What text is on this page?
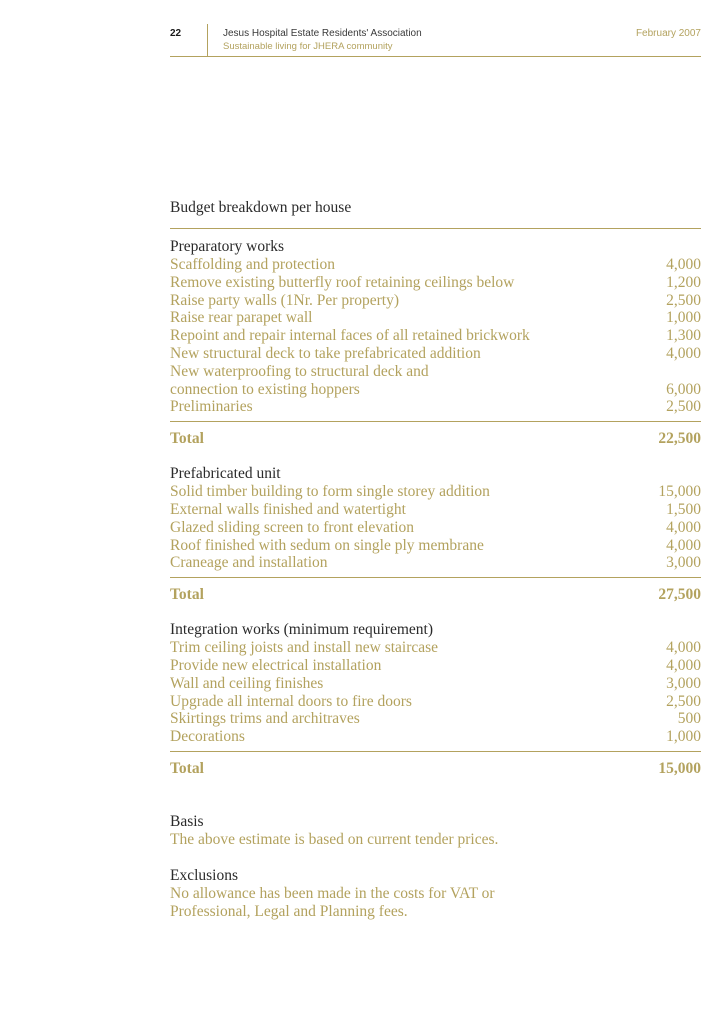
22	Jesus Hospital Estate Residents' Association
Sustainable living for JHERA community
February 2007
Budget breakdown per house
Preparatory works
Scaffolding and protection	4,000
Remove existing butterfly roof retaining ceilings below	1,200
Raise party walls (1Nr. Per property)	2,500
Raise rear parapet wall	1,000
Repoint and repair internal faces of all retained brickwork	1,300
New structural deck to take prefabricated addition	4,000
New waterproofing to structural deck and
connection to existing hoppers	6,000
Preliminaries	2,500
Total	22,500
Prefabricated unit
Solid timber building to form single storey addition	15,000
External walls finished and watertight	1,500
Glazed sliding screen to front elevation	4,000
Roof finished with sedum on single ply membrane	4,000
Craneage and installation	3,000
Total	27,500
Integration works (minimum requirement)
Trim ceiling joists and install new staircase	4,000
Provide new electrical installation	4,000
Wall and ceiling finishes	3,000
Upgrade all internal doors to fire doors	2,500
Skirtings trims and architraves	500
Decorations	1,000
Total	15,000
Basis
The above estimate is based on current tender prices.
Exclusions
No allowance has been made in the costs for VAT or
Professional, Legal and Planning fees.
